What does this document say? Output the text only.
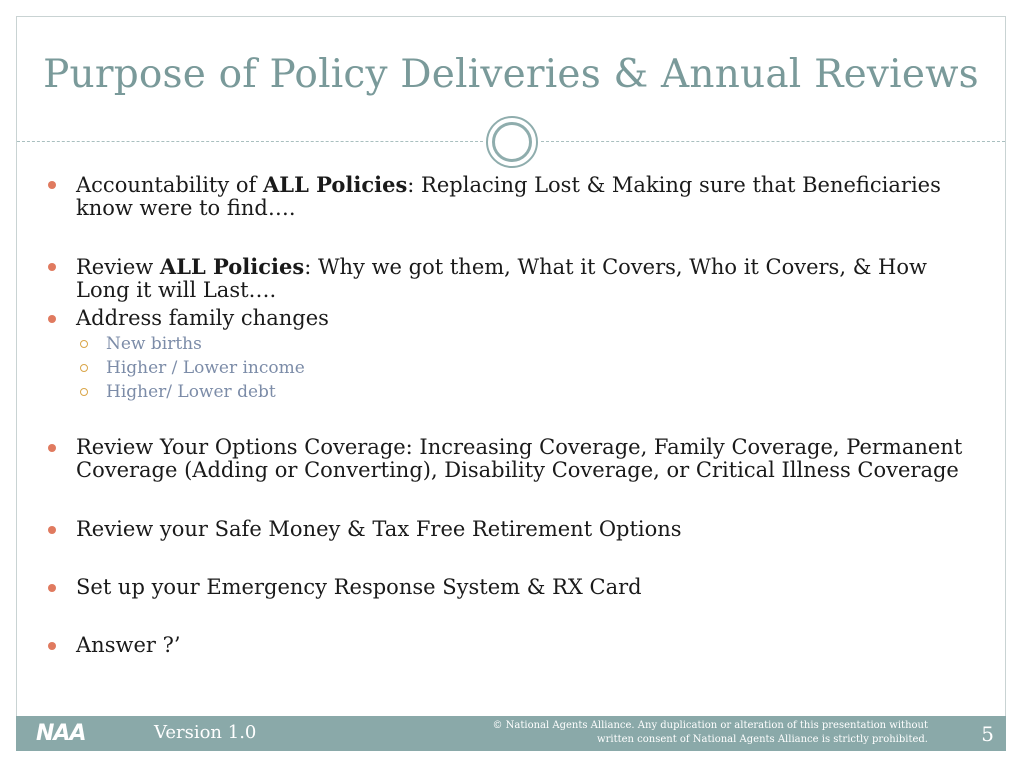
Purpose of Policy Deliveries & Annual Reviews
Accountability of ALL Policies: Replacing Lost & Making sure that Beneficiaries know were to find….
Review ALL Policies: Why we got them, What it Covers, Who it Covers, & How Long it will Last….
Address family changes
New births
Higher / Lower income
Higher/ Lower debt
Review Your Options Coverage: Increasing Coverage, Family Coverage, Permanent Coverage (Adding or Converting), Disability Coverage, or Critical Illness Coverage
Review your Safe Money & Tax Free Retirement Options
Set up your Emergency Response System & RX Card
Answer ?’
NAA	Version 1.0	© National Agents Alliance. Any duplication or alteration of this presentation without
written consent of National Agents Alliance is strictly prohibited.	5
